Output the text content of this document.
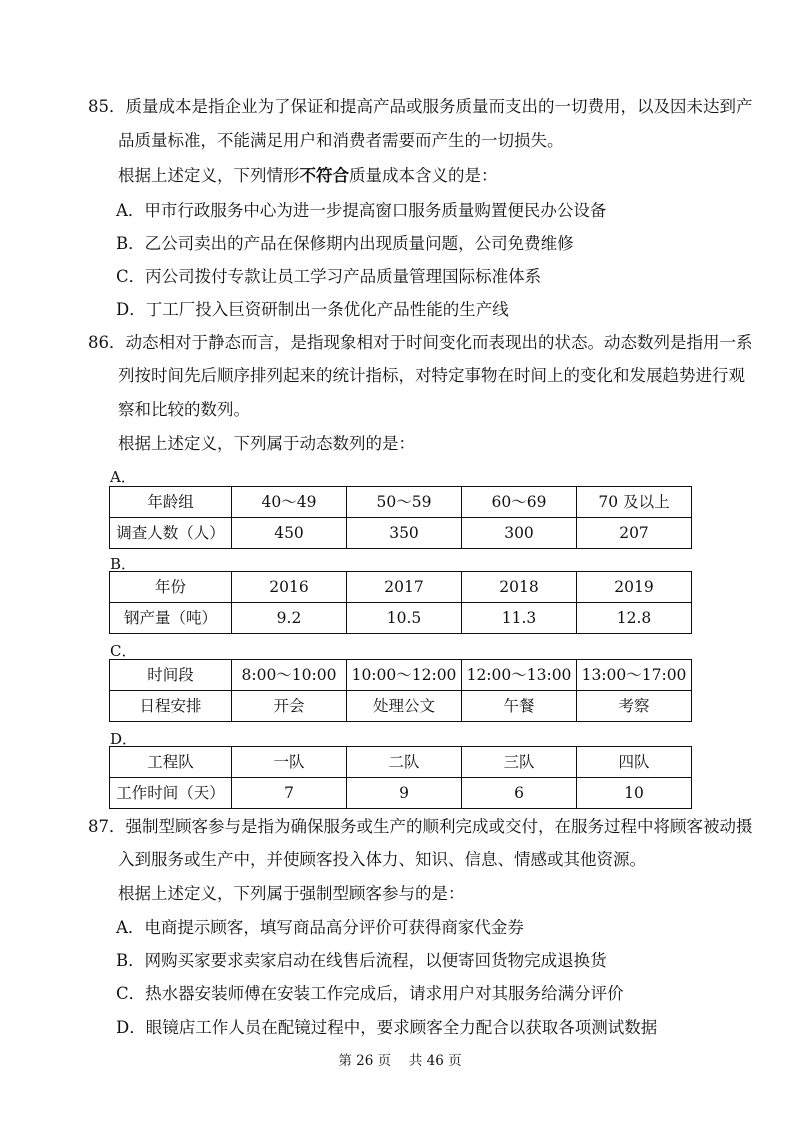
85．质量成本是指企业为了保证和提高产品或服务质量而支出的一切费用，以及因未达到产
品质量标准，不能满足用户和消费者需要而产生的一切损失。
根据上述定义，下列情形不符合质量成本含义的是：
A．甲市行政服务中心为进一步提高窗口服务质量购置便民办公设备
B．乙公司卖出的产品在保修期内出现质量问题，公司免费维修
C．丙公司拨付专款让员工学习产品质量管理国际标准体系
D．丁工厂投入巨资研制出一条优化产品性能的生产线
86．动态相对于静态而言，是指现象相对于时间变化而表现出的状态。动态数列是指用一系
列按时间先后顺序排列起来的统计指标，对特定事物在时间上的变化和发展趋势进行观
察和比较的数列。
根据上述定义，下列属于动态数列的是：
A．
年龄组	40～49	50～59	60～69	70 及以上
调查人数（人）	450	350	300	207
B．
年份	2016	2017	2018	2019
钢产量（吨）	9.2	10.5	11.3	12.8
C．
时间段	8:00～10:00	10:00～12:00	12:00～13:00	13:00～17:00
日程安排	开会	处理公文	午餐	考察
D．
工程队	一队	二队	三队	四队
工作时间（天）	7	9	6	10
87．强制型顾客参与是指为确保服务或生产的顺利完成或交付，在服务过程中将顾客被动摄
入到服务或生产中，并使顾客投入体力、知识、信息、情感或其他资源。
根据上述定义，下列属于强制型顾客参与的是：
A．电商提示顾客，填写商品高分评价可获得商家代金券
B．网购买家要求卖家启动在线售后流程，以便寄回货物完成退换货
C．热水器安装师傅在安装工作完成后，请求用户对其服务给满分评价
D．眼镜店工作人员在配镜过程中，要求顾客全力配合以获取各项测试数据
第 26 页　 共 46 页
